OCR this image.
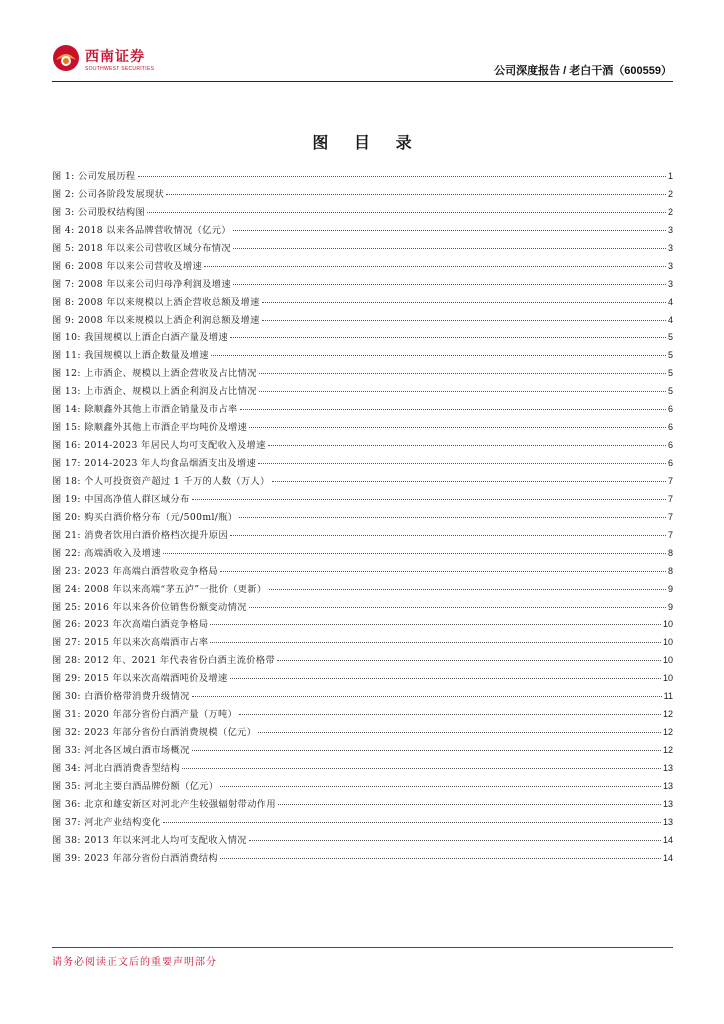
西南证券
SOUTHWEST SECURITIES	公司深度报告 / 老白干酒（600559）
图 目 录
图 1: 公司发展历程	1
图 2: 公司各阶段发展现状	2
图 3: 公司股权结构图	2
图 4: 2018 以来各品牌营收情况（亿元）	3
图 5: 2018 年以来公司营收区域分布情况	3
图 6: 2008 年以来公司营收及增速	3
图 7: 2008 年以来公司归母净利润及增速	3
图 8: 2008 年以来规模以上酒企营收总额及增速	4
图 9: 2008 年以来规模以上酒企利润总额及增速	4
图 10: 我国规模以上酒企白酒产量及增速	5
图 11: 我国规模以上酒企数量及增速	5
图 12: 上市酒企、规模以上酒企营收及占比情况	5
图 13: 上市酒企、规模以上酒企利润及占比情况	5
图 14: 除顺鑫外其他上市酒企销量及市占率	6
图 15: 除顺鑫外其他上市酒企平均吨价及增速	6
图 16: 2014-2023 年居民人均可支配收入及增速	6
图 17: 2014-2023 年人均食品烟酒支出及增速	6
图 18: 个人可投资资产超过 1 千万的人数（万人）	7
图 19: 中国高净值人群区域分布	7
图 20: 购买白酒价格分布（元/500ml/瓶）	7
图 21: 消费者饮用白酒价格档次提升原因	7
图 22: 高端酒收入及增速	8
图 23: 2023 年高端白酒营收竞争格局	8
图 24: 2008 年以来高端“茅五泸”一批价（更新）	9
图 25: 2016 年以来各价位销售份额变动情况	9
图 26: 2023 年次高端白酒竞争格局	10
图 27: 2015 年以来次高端酒市占率	10
图 28: 2012 年、2021 年代表省份白酒主流价格带	10
图 29: 2015 年以来次高端酒吨价及增速	10
图 30: 白酒价格带消费升级情况	11
图 31: 2020 年部分省份白酒产量（万吨）	12
图 32: 2023 年部分省份白酒消费规模（亿元）	12
图 33: 河北各区域白酒市场概况	12
图 34: 河北白酒消费香型结构	13
图 35: 河北主要白酒品牌份额（亿元）	13
图 36: 北京和雄安新区对河北产生较强辐射带动作用	13
图 37: 河北产业结构变化	13
图 38: 2013 年以来河北人均可支配收入情况	14
图 39: 2023 年部分省份白酒消费结构	14
请务必阅读正文后的重要声明部分
